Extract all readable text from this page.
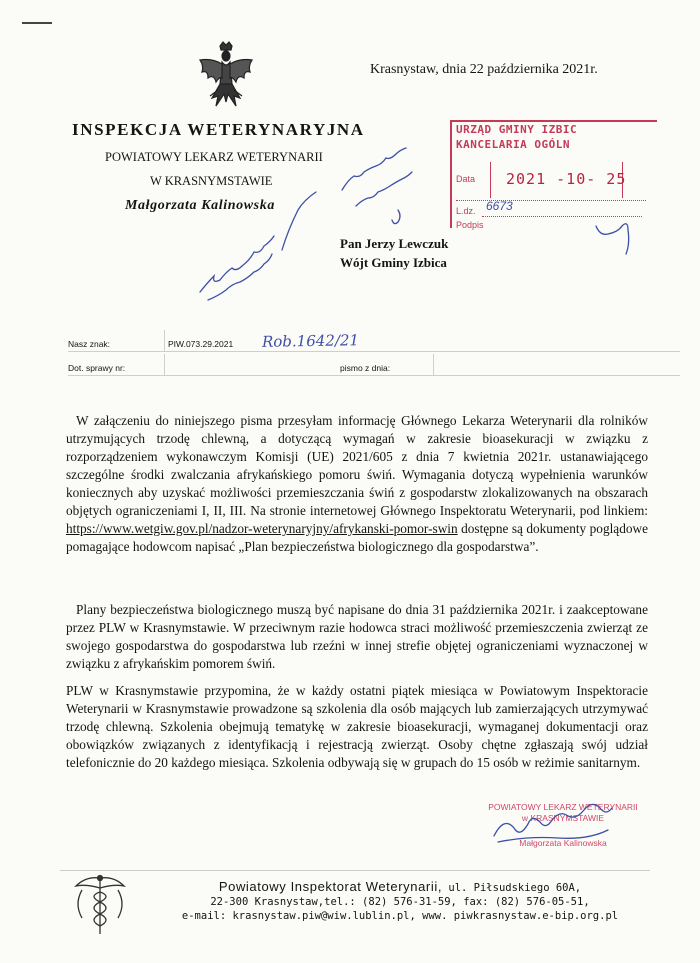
Krasnystaw, dnia 22 października 2021r.
INSPEKCJA WETERYNARYJNA
POWIATOWY LEKARZ WETERYNARII
W KRASNYMSTAWIE
Małgorzata Kalinowska
URZĄD GMINY IZBIC
KANCELARIA OGÓLN
Data 2021 -10- 25
L.dz. 6673
Podpis
Pan Jerzy Lewczuk
Wójt Gminy Izbica
Nasz znak:	PIW.073.29.2021
Dot. sprawy nr:	pismo z dnia:
Rob.1642/21
W załączeniu do niniejszego pisma przesyłam informację Głównego Lekarza Weterynarii dla rolników utrzymujących trzodę chlewną, a dotyczącą wymagań w zakresie bioasekuracji w związku z rozporządzeniem wykonawczym Komisji (UE) 2021/605 z dnia 7 kwietnia 2021r. ustanawiającego szczególne środki zwalczania afrykańskiego pomoru świń. Wymagania dotyczą wypełnienia warunków koniecznych aby uzyskać możliwości przemieszczania świń z gospodarstw zlokalizowanych na obszarach objętych ograniczeniami I, II, III. Na stronie internetowej Głównego Inspektoratu Weterynarii, pod linkiem: https://www.wetgiw.gov.pl/nadzor-weterynaryjny/afrykanski-pomor-swin dostępne są dokumenty poglądowe pomagające hodowcom napisać „Plan bezpieczeństwa biologicznego dla gospodarstwa”.
Plany bezpieczeństwa biologicznego muszą być napisane do dnia 31 października 2021r. i zaakceptowane przez PLW w Krasnymstawie. W przeciwnym razie hodowca straci możliwość przemieszczenia zwierząt ze swojego gospodarstwa do gospodarstwa lub rzeźni w innej strefie objętej ograniczeniami wyznaczonej w związku z afrykańskim pomorem świń.
PLW w Krasnymstawie przypomina, że w każdy ostatni piątek miesiąca w Powiatowym Inspektoracie Weterynarii w Krasnymstawie prowadzone są szkolenia dla osób mających lub zamierzających utrzymywać trzodę chlewną. Szkolenia obejmują tematykę w zakresie bioasekuracji, wymaganej dokumentacji oraz obowiązków związanych z identyfikacją i rejestracją zwierząt. Osoby chętne zgłaszają swój udział telefonicznie do 20 każdego miesiąca. Szkolenia odbywają się w grupach do 15 osób w reżimie sanitarnym.
POWIATOWY LEKARZ WETERYNARII
w KRASNYMSTAWIE
Małgorzata Kalinowska
Powiatowy Inspektorat Weterynarii, ul. Piłsudskiego 60A,
22-300 Krasnystaw,tel.: (82) 576-31-59, fax: (82) 576-05-51,
e-mail: krasnystaw.piw@wiw.lublin.pl, www. piwkrasnystaw.e-bip.org.pl
